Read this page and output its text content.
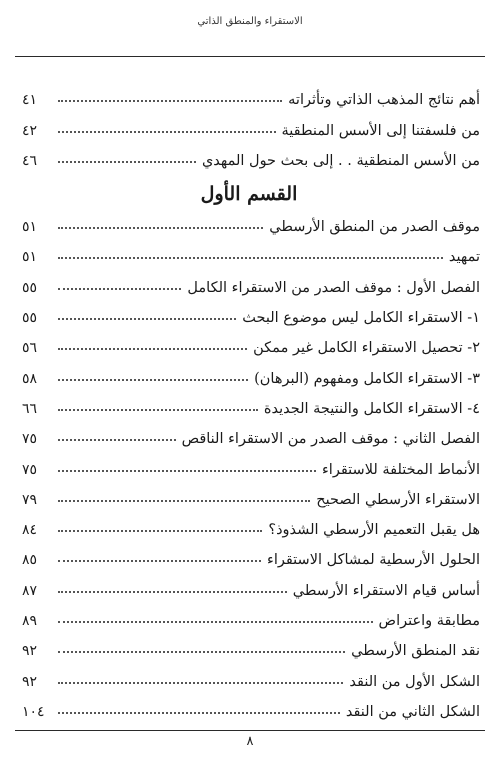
الاستقراء والمنطق الذاتي
٤١	أهم نتائج المذهب الذاتي وتأثراته
٤٢	من فلسفتنا إلى الأسس المنطقية
٤٦	من الأسس المنطقية . . إلى بحث حول المهدي
القسم الأول
٥١	موقف الصدر من المنطق الأرسطي
٥١	تمهيد
٥٥	الفصل الأول : موقف الصدر من الاستقراء الكامل
٥٥	١- الاستقراء الكامل ليس موضوع البحث
٥٦	٢- تحصيل الاستقراء الكامل غير ممكن
٥٨	٣- الاستقراء الكامل ومفهوم (البرهان)
٦٦	٤- الاستقراء الكامل والنتيجة الجديدة
٧٥	الفصل الثاني : موقف الصدر من الاستقراء الناقص
٧٥	الأنماط المختلفة للاستقراء
٧٩	الاستقراء الأرسطي الصحيح
٨٤	هل يقبل التعميم الأرسطي الشذوذ؟
٨٥	الحلول الأرسطية لمشاكل الاستقراء
٨٧	أساس قيام الاستقراء الأرسطي
٨٩	مطابقة واعتراض
٩٢	نقد المنطق الأرسطي
٩٢	الشكل الأول من النقد
١٠٤	الشكل الثاني من النقد
٨
